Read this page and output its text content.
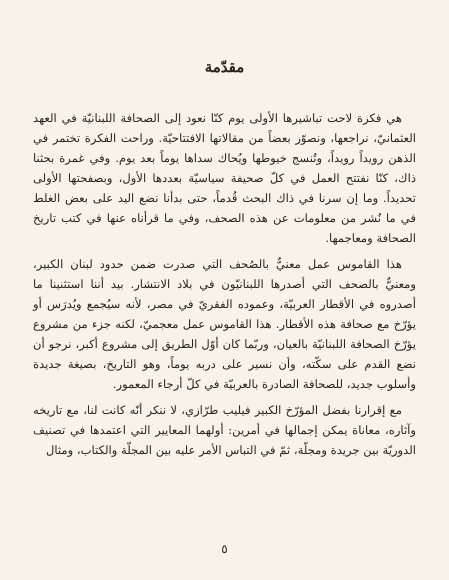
مقدّمة

هي فكرة لاحت تباشيرها الأولى يوم كنّا نعود إلى الصحافة اللبنانيّة في العهد العثمانيّ، نراجعها، ونصوّر بعضاً من مقالاتها الافتتاحيّة. وراحت الفكرة تختمر في الذهن رويداً رويداً، وتُنسج خيوطها ويُحاك سداها يوماً بعد يوم. وفي غمرة بحثنا ذاك، كنّا نفتتح العمل في كلّ صحيفة سياسيّة بعددها الأول، وبصفحتها الأولى تحديداً. وما إن سرنا في ذاك البحث قُدماً، حتى بدأنا نضع اليد على بعض الغلط في ما نُشر من معلومات عن هذه الصحف، وفي ما قرأناه عنها في كتب تاريخ الصحافة ومعاجمها.

هذا القاموس عمل معنيٌّ بالصُحف التي صدرت ضمن حدود لبنان الكبير، ومعنيٌّ بالصحف التي أصدرها اللبنانيّون في بلاد الانتشار. بيد أننا استثنينا ما أصدروه في الأقطار العربيّة، وعموده الفقريّ في مصر، لأنه سيُجمع ويُدرَس أو يؤرّخ مع صحافة هذه الأقطار. هذا القاموس عمل معجميّ، لكنه جزء من مشروع يؤرّخ الصحافة اللبنانيّة بالعيان، وربّما كان أوّل الطريق إلى مشروع أكبر، نرجو أن نضع القدم على سكّته، وأن نسير على دربه يوماً، وهو التاريخ، بصيغة جديدة وأسلوب جديد، للصحافة الصادرة بالعربيّة في كلّ أرجاء المعمور.

مع إقرارنا بفضل المؤرّخ الكبير فيليب طرّازي، لا ننكر أنّه كانت لنا، مع تاريخه وآثاره، معاناة يمكن إجمالها في أمرين: أولهما المعايير التي اعتمدها في تصنيف الدوريّة بين جريدة ومجلّة، ثمّ في التباس الأمر عليه بين المجلّة والكتاب، ومثال

٥
